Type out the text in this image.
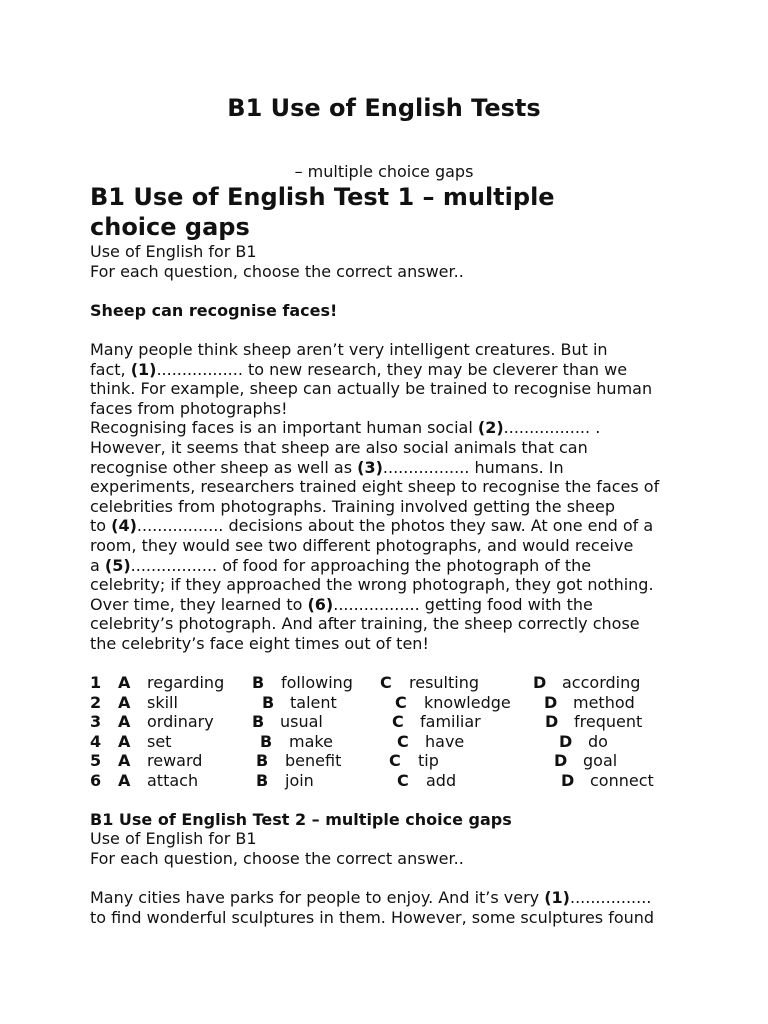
B1 Use of English Tests
– multiple choice gaps
B1 Use of English Test 1 – multiple
choice gaps
Use of English for B1
For each question, choose the correct answer..
Sheep can recognise faces!
Many people think sheep aren’t very intelligent creatures. But in
fact, (1)................. to new research, they may be cleverer than we
think. For example, sheep can actually be trained to recognise human
faces from photographs!
Recognising faces is an important human social (2)................. .
However, it seems that sheep are also social animals that can
recognise other sheep as well as (3)................. humans. In
experiments, researchers trained eight sheep to recognise the faces of
celebrities from photographs. Training involved getting the sheep
to (4)................. decisions about the photos they saw. At one end of a
room, they would see two different photographs, and would receive
a (5)................. of food for approaching the photograph of the
celebrity; if they approached the wrong photograph, they got nothing.
Over time, they learned to (6)................. getting food with the
celebrity’s photograph. And after training, the sheep correctly chose
the celebrity’s face eight times out of ten!
1 A regarding B following C resulting	D according
2 A skill	B talent	C knowledge D method
3 A ordinary B usual	C familiar	D frequent
4 A set	B make	C have	D do
5 A reward	B benefit	C tip	D goal
6 A attach	B join	C add	D connect
B1 Use of English Test 2 – multiple choice gaps
Use of English for B1
For each question, choose the correct answer..
Many cities have parks for people to enjoy. And it’s very (1)................
to find wonderful sculptures in them. However, some sculptures found
